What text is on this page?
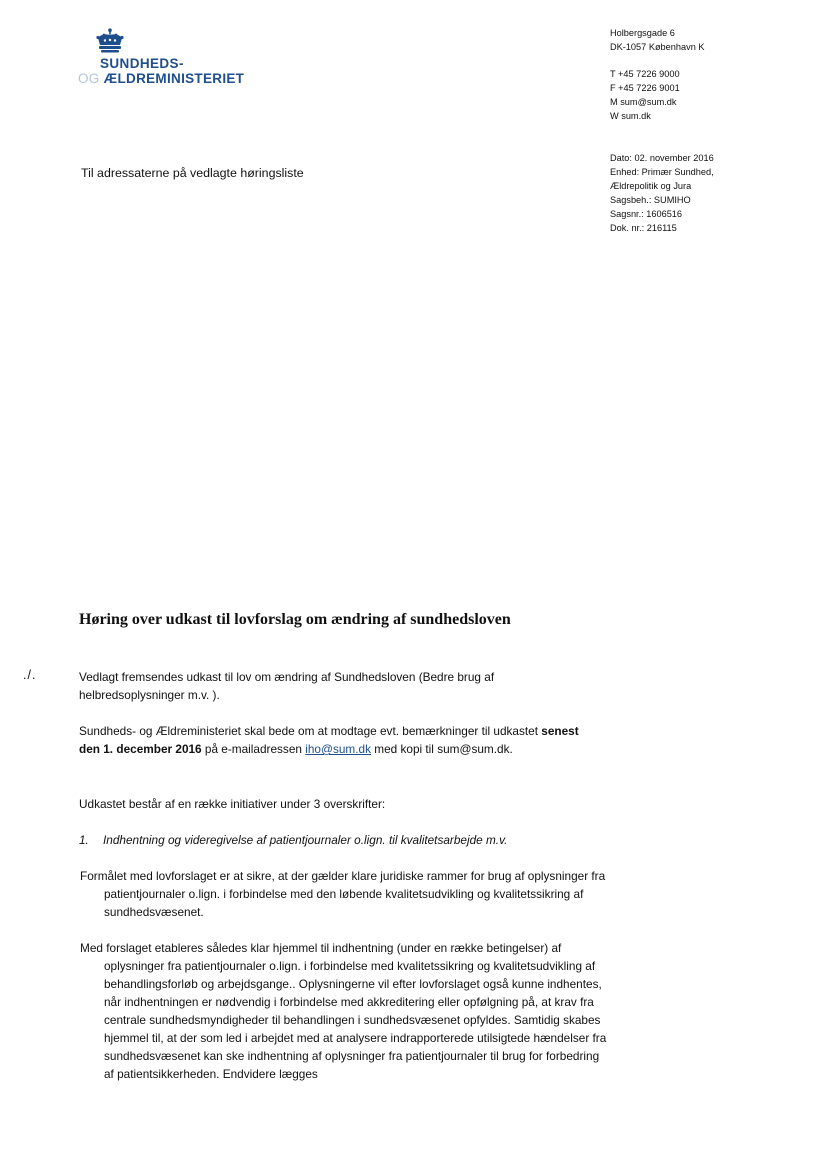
SUNDHEDS-
OG ÆLDREMINISTERIET
Holbergsgade 6
DK-1057 København K
T +45 7226 9000
F +45 7226 9001
M sum@sum.dk
W sum.dk
Dato: 02. november 2016
Enhed: Primær Sundhed,
Ældrepolitik og Jura
Sagsbeh.: SUMIHO
Sagsnr.: 1606516
Dok. nr.: 216115
Til adressaterne på vedlagte høringsliste
Høring over udkast til lovforslag om ændring af sundhedsloven
./.	Vedlagt fremsendes udkast til lov om ændring af Sundhedsloven (Bedre brug af helbredsoplysninger m.v. ).
Sundheds- og Ældreministeriet skal bede om at modtage evt. bemærkninger til udkastet senest den 1. december 2016 på e-mailadressen iho@sum.dk med kopi til sum@sum.dk.
Udkastet består af en række initiativer under 3 overskrifter:
1. Indhentning og videregivelse af patientjournaler o.lign. til kvalitetsarbejde m.v.
Formålet med lovforslaget er at sikre, at der gælder klare juridiske rammer for brug af oplysninger fra patientjournaler o.lign. i forbindelse med den løbende kvalitetsudvikling og kvalitetssikring af sundhedsvæsenet.
Med forslaget etableres således klar hjemmel til indhentning (under en række betingelser) af oplysninger fra patientjournaler o.lign. i forbindelse med kvalitetssikring og kvalitetsudvikling af behandlingsforløb og arbejdsgange.. Oplysningerne vil efter lovforslaget også kunne indhentes, når indhentningen er nødvendig i forbindelse med akkreditering eller opfølgning på, at krav fra centrale sundhedsmyndigheder til behandlingen i sundhedsvæsenet opfyldes. Samtidig skabes hjemmel til, at der som led i arbejdet med at analysere indrapporterede utilsigtede hændelser fra sundhedsvæsenet kan ske indhentning af oplysninger fra patientjournaler til brug for forbedring af patientsikkerheden. Endvidere lægges
